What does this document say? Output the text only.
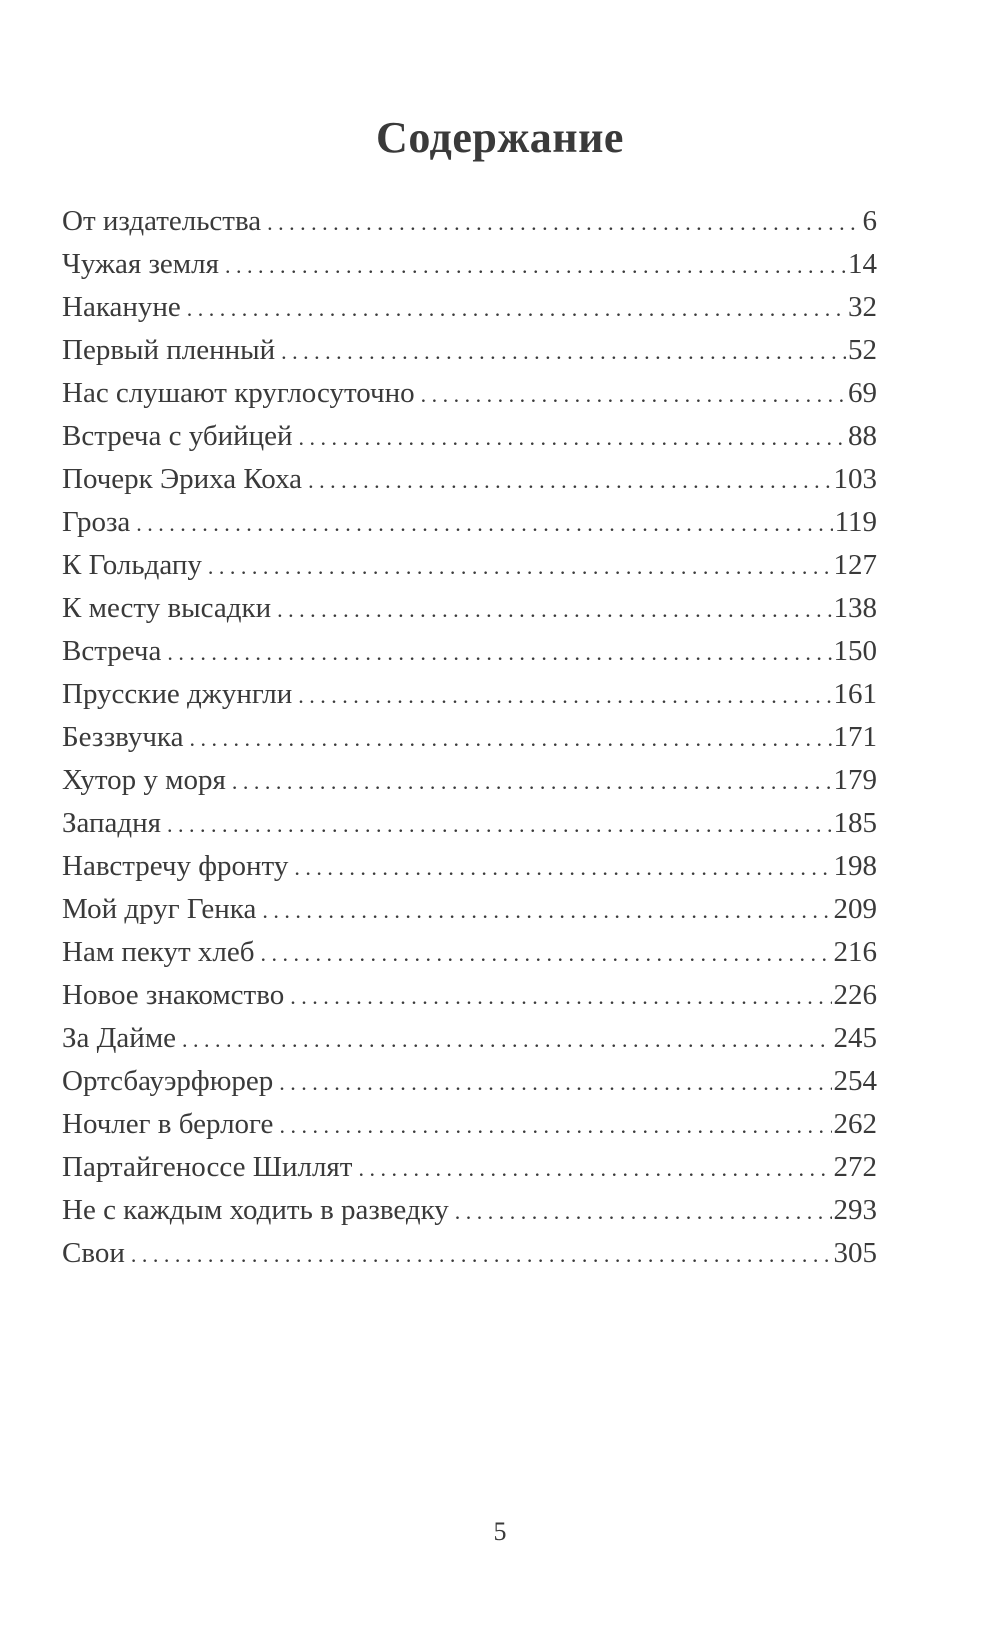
Содержание
От издательства . . .	6
Чужая земля . . .	14
Накануне . . .	32
Первый пленный . . .	52
Нас слушают круглосуточно . . .	69
Встреча с убийцей . . .	88
Почерк Эриха Коха . . .	103
Гроза . . .	119
К Гольдапу . . .	127
К месту высадки . . .	138
Встреча . . .	150
Прусские джунгли . . .	161
Беззвучка . . .	171
Хутор у моря . . .	179
Западня . . .	185
Навстречу фронту . . .	198
Мой друг Генка . . .	209
Нам пекут хлеб . . .	216
Новое знакомство . . .	226
За Дайме . . .	245
Ортсбауэрфюрер . . .	254
Ночлег в берлоге . . .	262
Партайгеноссе Шиллят . . .	272
Не с каждым ходить в разведку . . .	293
Свои . . .	305
5
